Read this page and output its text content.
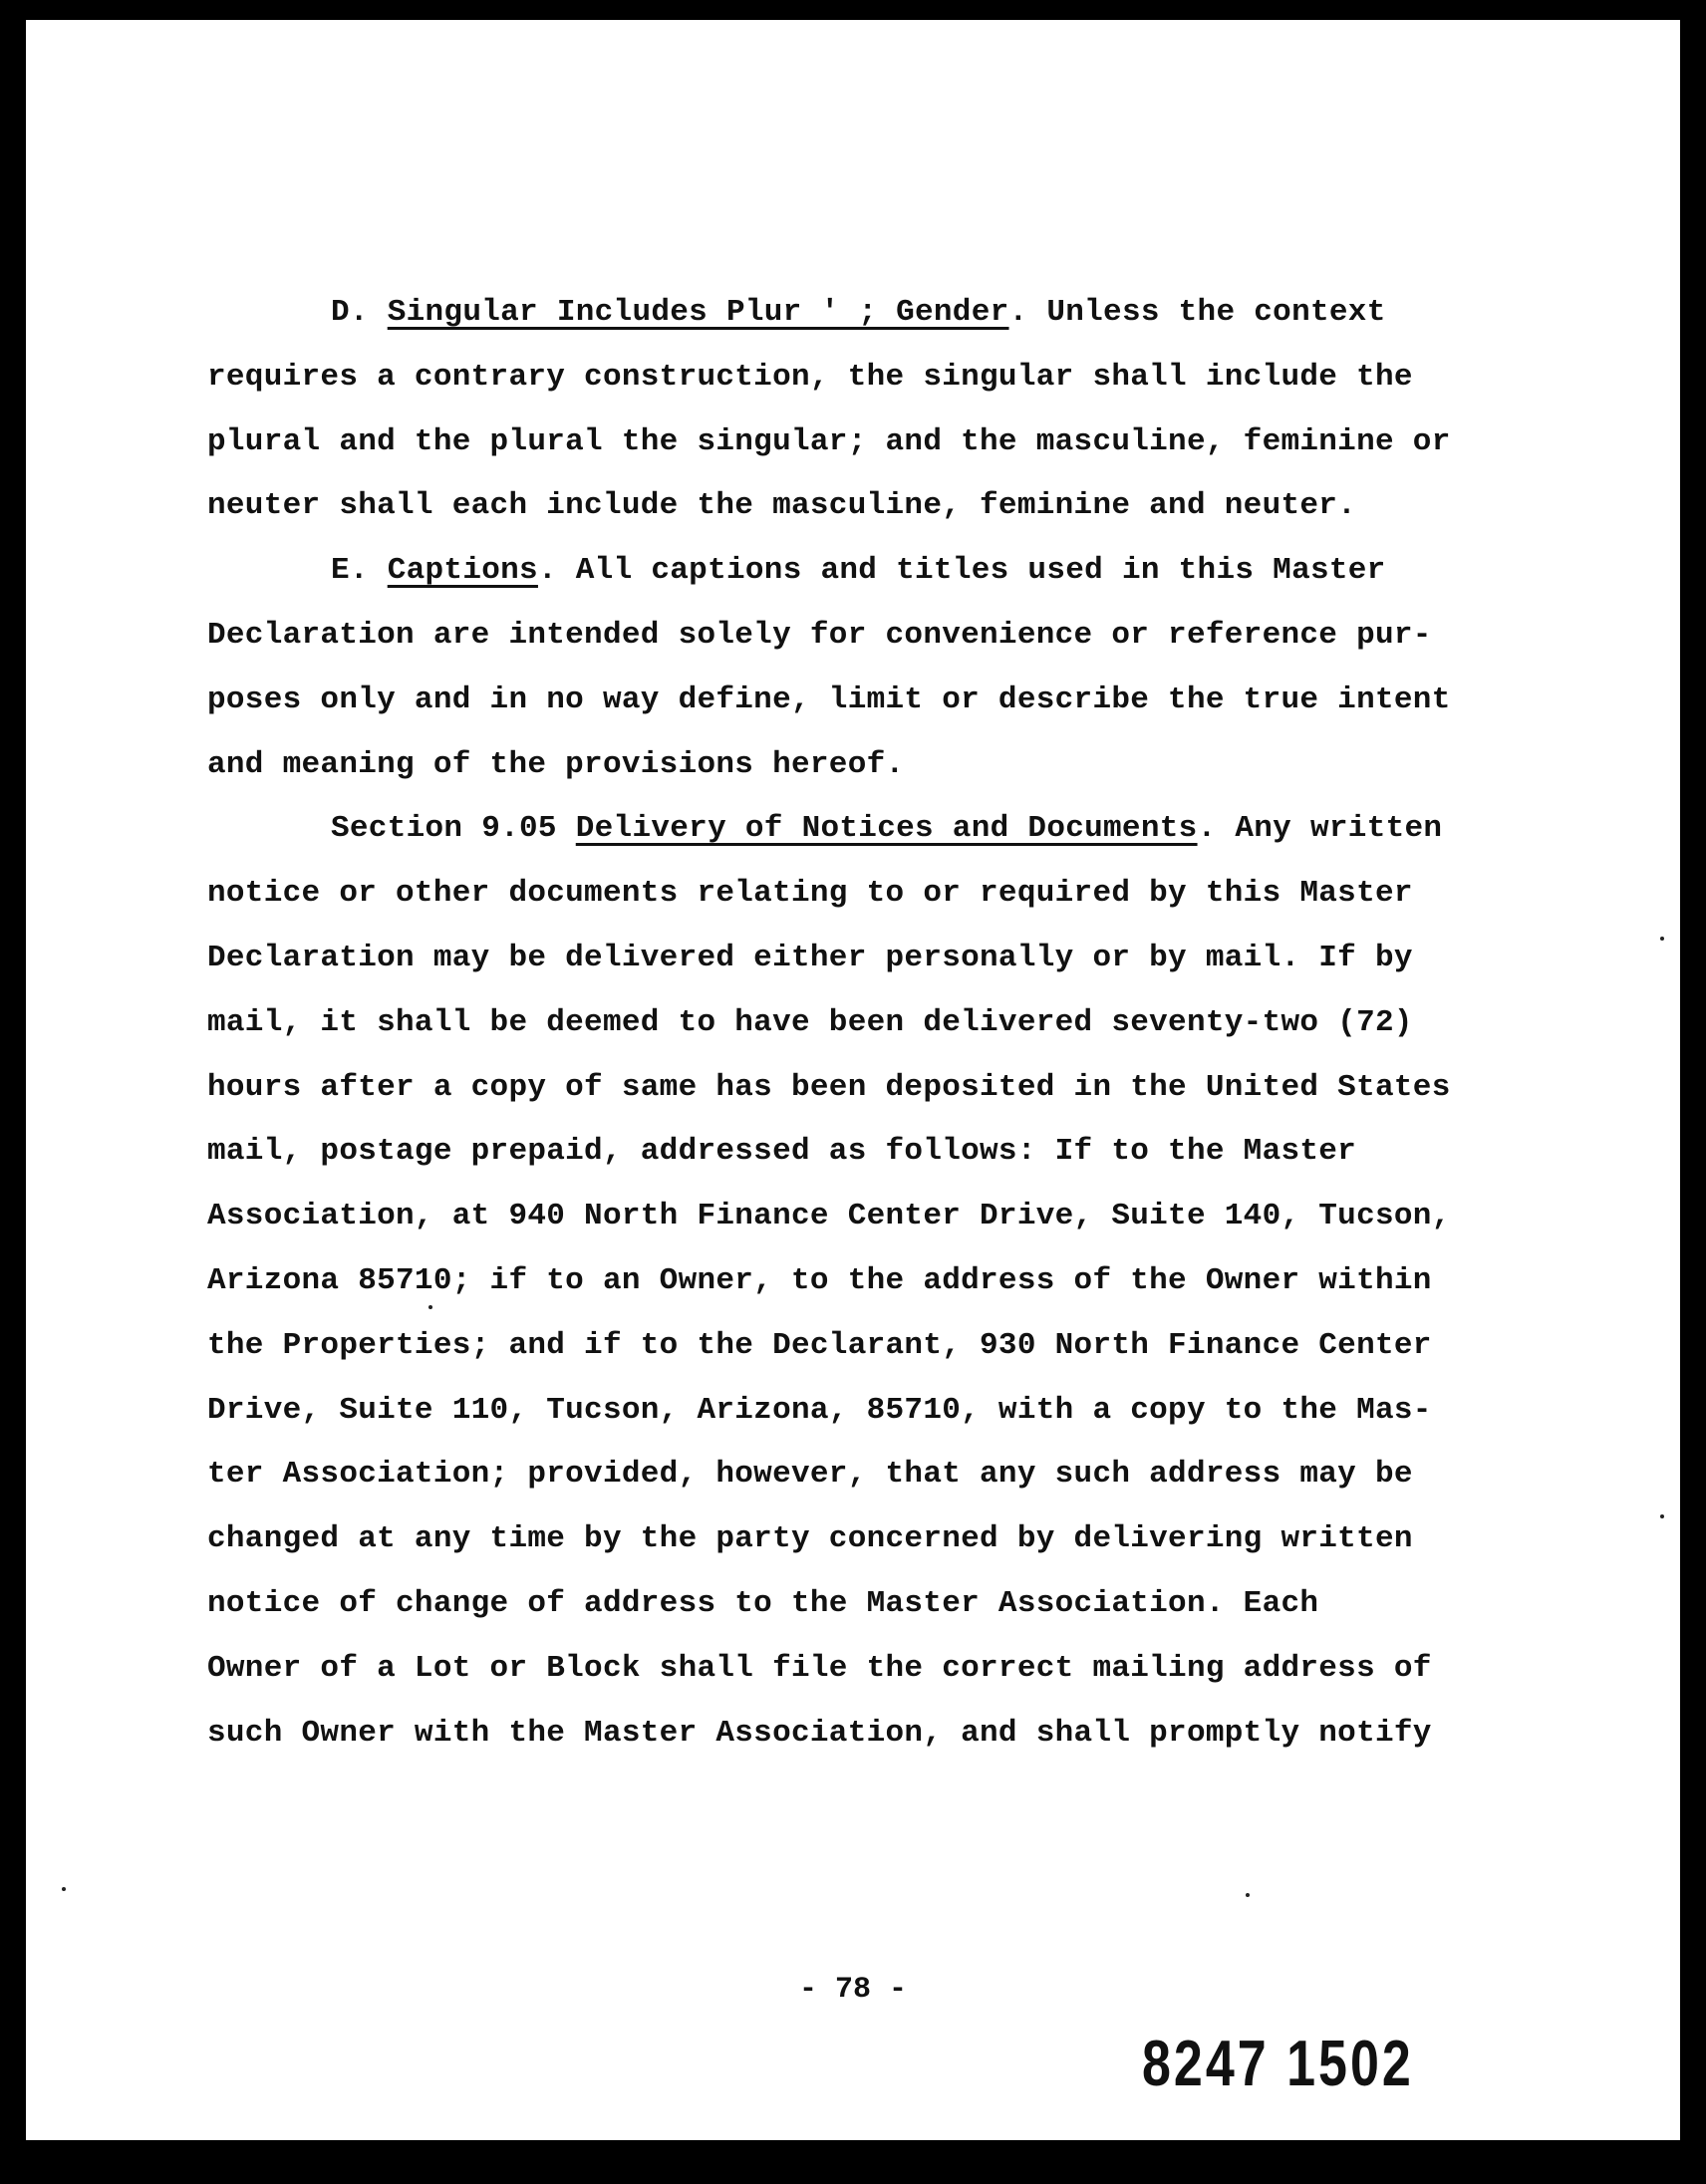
D. Singular Includes Plur ' ; Gender. Unless the context
requires a contrary construction, the singular shall include the
plural and the plural the singular; and the masculine, feminine or
neuter shall each include the masculine, feminine and neuter.
E. Captions. All captions and titles used in this Master
Declaration are intended solely for convenience or reference pur-
poses only and in no way define, limit or describe the true intent
and meaning of the provisions hereof.
Section 9.05 Delivery of Notices and Documents. Any written
notice or other documents relating to or required by this Master
Declaration may be delivered either personally or by mail. If by
mail, it shall be deemed to have been delivered seventy-two (72)
hours after a copy of same has been deposited in the United States
mail, postage prepaid, addressed as follows: If to the Master
Association, at 940 North Finance Center Drive, Suite 140, Tucson,
Arizona 85710; if to an Owner, to the address of the Owner within
the Properties; and if to the Declarant, 930 North Finance Center
Drive, Suite 110, Tucson, Arizona, 85710, with a copy to the Mas-
ter Association; provided, however, that any such address may be
changed at any time by the party concerned by delivering written
notice of change of address to the Master Association. Each
Owner of a Lot or Block shall file the correct mailing address of
such Owner with the Master Association, and shall promptly notify
- 78 -
8247 1502
